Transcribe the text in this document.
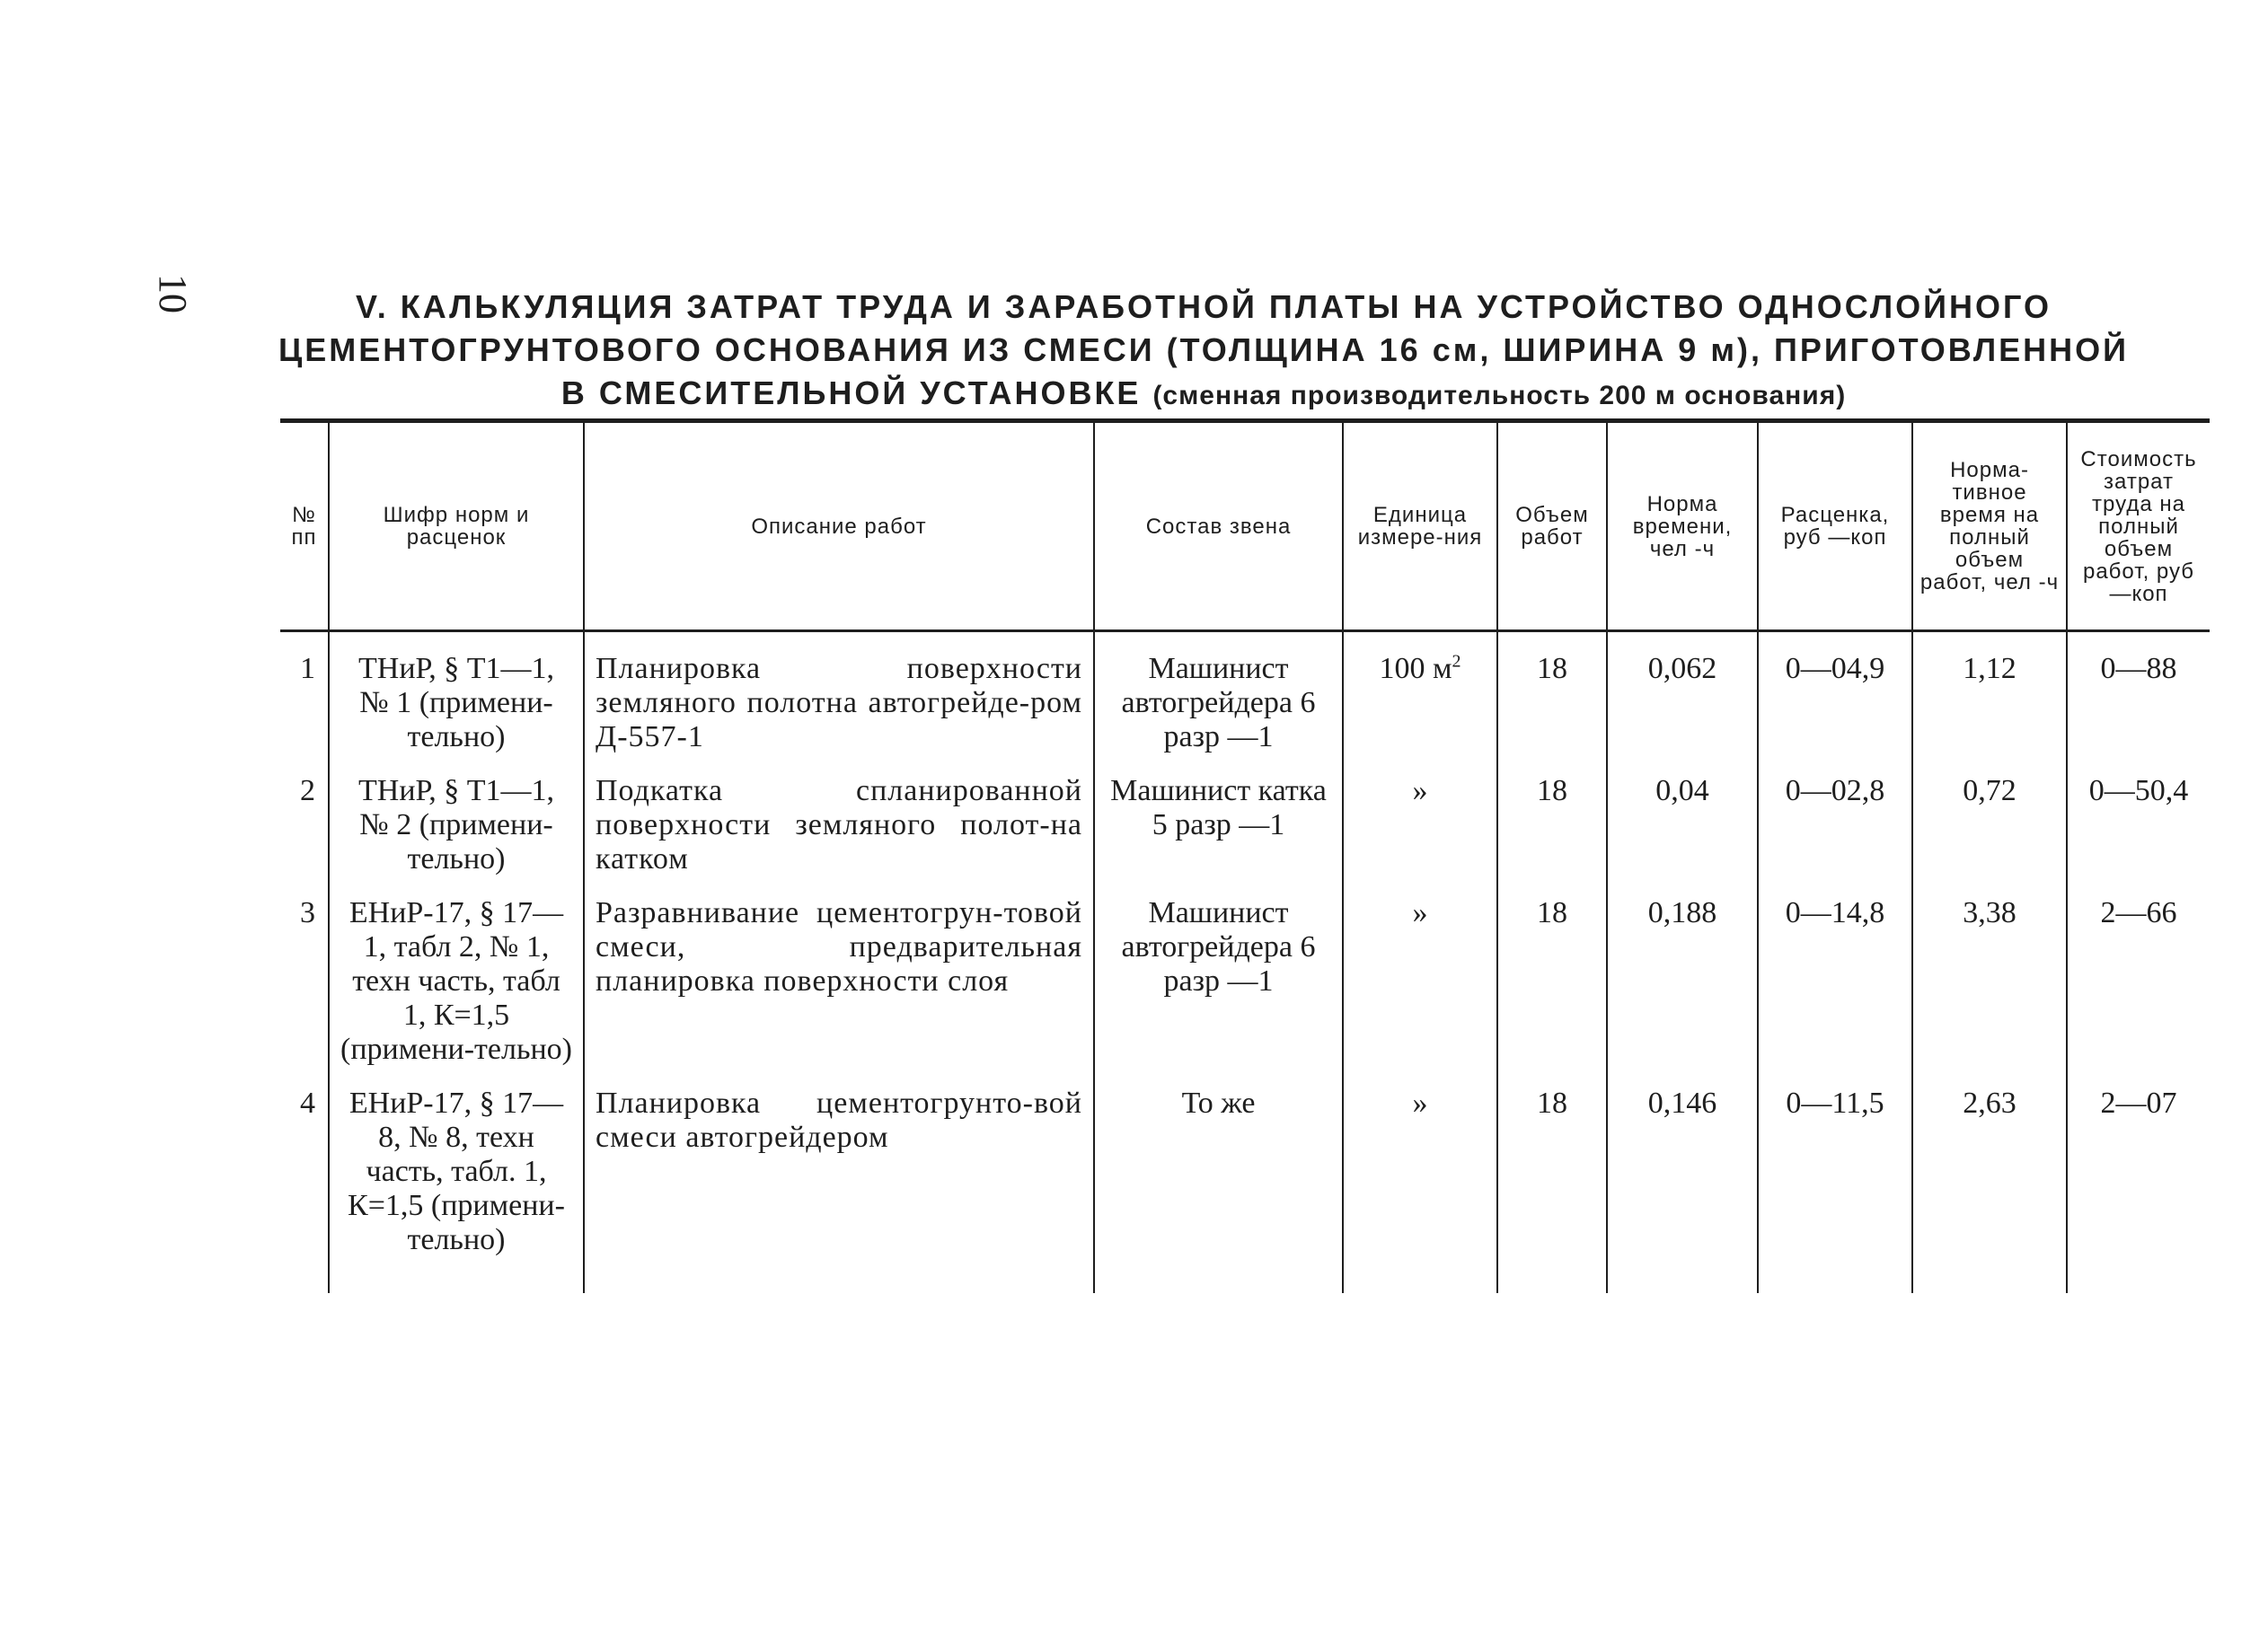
10	V. КАЛЬКУЛЯЦИЯ ЗАТРАТ ТРУДА И ЗАРАБОТНОЙ ПЛАТЫ НА УСТРОЙСТВО ОДНОСЛОЙНОГО
ЦЕМЕНТОГРУНТОВОГО ОСНОВАНИЯ ИЗ СМЕСИ (ТОЛЩИНА 16 см, ШИРИНА 9 м), ПРИГОТОВЛЕННОЙ
В СМЕСИТЕЛЬНОЙ УСТАНОВКЕ (сменная производительность 200 м основания)
№ пп	Шифр норм и расценок	Описание работ	Состав звена	Единица измере-ния	Объем работ	Норма времени, чел -ч	Расценка, руб —коп	Норма-тивное время на полный объем работ, чел -ч	Стоимость затрат труда на полный объем работ, руб —коп
1	ТНиР, § Т1—1, № 1 (примени-тельно)	Планировка поверхности земляного полотна автогрейде-ром Д-557-1	Машинист автогрейдера 6 разр —1	100 $м^2$	18	0,062	0—04,9	1,12	0—88
2	ТНиР, § Т1—1, № 2 (примени-тельно)	Подкатка спланированной поверхности земляного полот-на катком	Машинист катка 5 разр —1	»	18	0,04	0—02,8	0,72	0—50,4
3	ЕНиР-17, § 17—1, табл 2, № 1, техн часть, табл 1, К=1,5 (примени-тельно)	Разравнивание цементогрун-товой смеси, предварительная планировка поверхности слоя	Машинист автогрейдера 6 разр —1	»	18	0,188	0—14,8	3,38	2—66
4	ЕНиР-17, § 17—8, № 8, техн часть, табл. 1, К=1,5 (примени-тельно)	Планировка цементогрунто-вой смеси автогрейдером	То же	»	18	0,146	0—11,5	2,63	2—07
